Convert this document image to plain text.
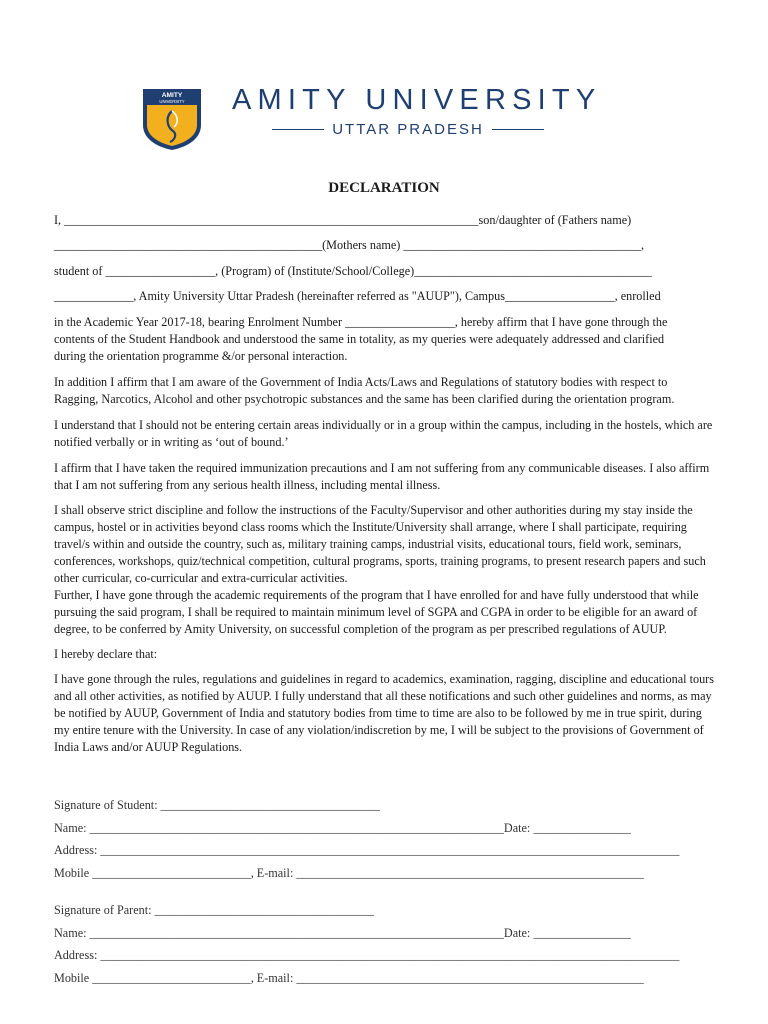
AMITY
UNIVERSITY AMITY UNIVERSITY
UTTAR PRADESH
DECLARATION
I, ____________________________________________________________________son/daughter of (Fathers name)
____________________________________________(Mothers name) _______________________________________,
student of __________________, (Program) of (Institute/School/College)_______________________________________
_____________, Amity University Uttar Pradesh (hereinafter referred as "AUUP"), Campus__________________, enrolled
in the Academic Year 2017-18, bearing Enrolment Number __________________, hereby affirm that I have gone through the
contents of the Student Handbook and understood the same in totality, as my queries were adequately addressed and clarified
during the orientation programme &/or personal interaction.

In addition I affirm that I am aware of the Government of India Acts/Laws and Regulations of statutory bodies with respect to Ragging, Narcotics, Alcohol and other psychotropic substances and the same has been clarified during the orientation program.

I understand that I should not be entering certain areas individually or in a group within the campus, including in the hostels, which are notified verbally or in writing as ‘out of bound.’

I affirm that I have taken the required immunization precautions and I am not suffering from any communicable diseases. I also affirm that I am not suffering from any serious health illness, including mental illness.

I shall observe strict discipline and follow the instructions of the Faculty/Supervisor and other authorities during my stay inside the campus, hostel or in activities beyond class rooms which the Institute/University shall arrange, where I shall participate, requiring travel/s within and outside the country, such as, military training camps, industrial visits, educational tours, field work, seminars, conferences, workshops, quiz/technical competition, cultural programs, sports, training programs, to present research papers and such other curricular, co-curricular and extra-curricular activities.

Further, I have gone through the academic requirements of the program that I have enrolled for and have fully understood that while pursuing the said program, I shall be required to maintain minimum level of SGPA and CGPA in order to be eligible for an award of degree, to be conferred by Amity University, on successful completion of the program as per prescribed regulations of AUUP.

I hereby declare that:

I have gone through the rules, regulations and guidelines in regard to academics, examination, ragging, discipline and educational tours and all other activities, as notified by AUUP. I fully understand that all these notifications and such other guidelines and norms, as may be notified by AUUP, Government of India and statutory bodies from time to time are also to be followed by me in true spirit, during my entire tenure with the University. In case of any violation/indiscretion by me, I will be subject to the provisions of Government of India Laws and/or AUUP Regulations.

Signature of Student: ____________________________________
Name: ____________________________________________________________________Date: ________________
Address: _______________________________________________________________________________________________
Mobile __________________________, E-mail: _________________________________________________________
Signature of Parent: ____________________________________
Name: ____________________________________________________________________Date: ________________
Address: _______________________________________________________________________________________________
Mobile __________________________, E-mail: _________________________________________________________
